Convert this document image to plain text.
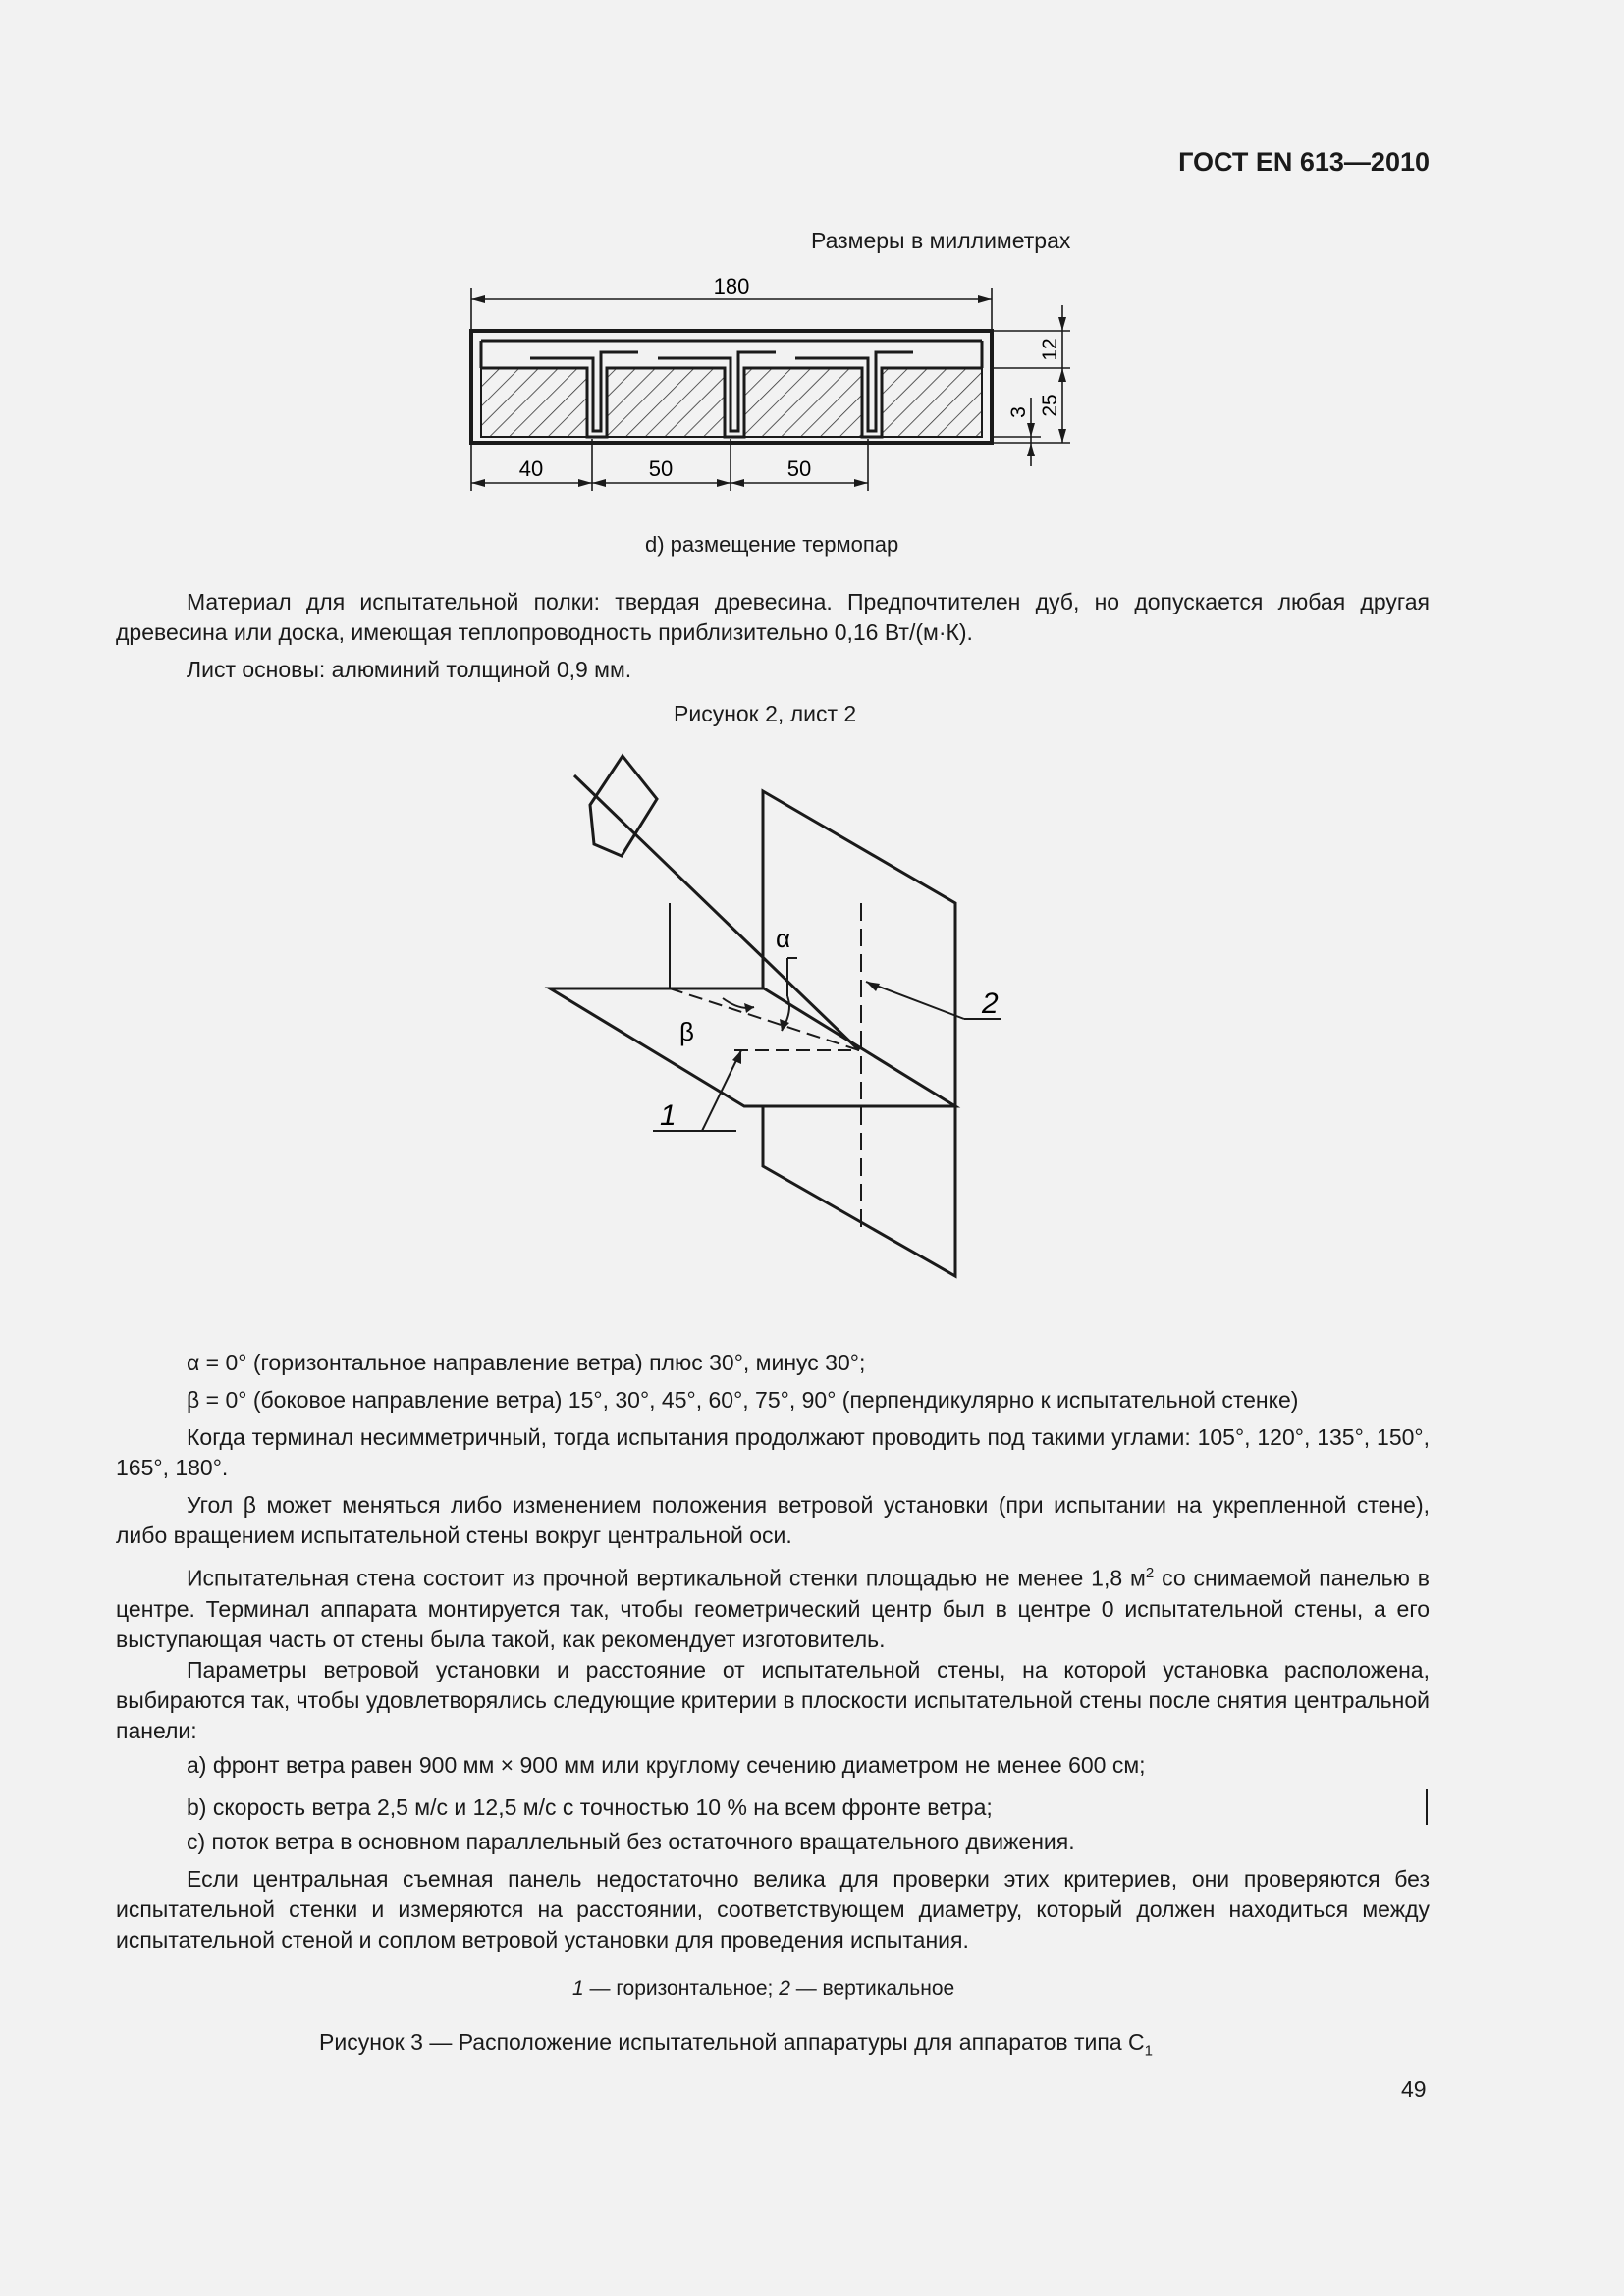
ГОСТ EN 613—2010
Размеры в миллиметрах
180
40	50	50
12
25
3
d) размещение термопар
Материал для испытательной полки: твердая древесина. Предпочтителен дуб, но допускается любая другая древесина или доска, имеющая теплопроводность приблизительно 0,16 Вт/(м·К).
Лист основы: алюминий толщиной 0,9 мм.
Рисунок 2, лист 2
α
β
1
2
α = 0° (горизонтальное направление ветра) плюс 30°, минус 30°;
β = 0° (боковое направление ветра) 15°, 30°, 45°, 60°, 75°, 90° (перпендикулярно к испытательной стенке)
Когда терминал несимметричный, тогда испытания продолжают проводить под такими углами: 105°, 120°, 135°, 150°, 165°, 180°.
Угол β может меняться либо изменением положения ветровой установки (при испытании на укрепленной стене), либо вращением испытательной стены вокруг центральной оси.
Испытательная стена состоит из прочной вертикальной стенки площадью не менее 1,8 $м^2$ со снимаемой панелью в центре. Терминал аппарата монтируется так, чтобы геометрический центр был в центре 0 испытательной стены, а его выступающая часть от стены была такой, как рекомендует изготовитель.
Параметры ветровой установки и расстояние от испытательной стены, на которой установка расположена, выбираются так, чтобы удовлетворялись следующие критерии в плоскости испытательной стены после снятия центральной панели:
a) фронт ветра равен 900 мм × 900 мм или круглому сечению диаметром не менее 600 см;
b) скорость ветра 2,5 м/с и 12,5 м/с с точностью 10 % на всем фронте ветра;
c) поток ветра в основном параллельный без остаточного вращательного движения.
Если центральная съемная панель недостаточно велика для проверки этих критериев, они проверяются без испытательной стенки и измеряются на расстоянии, соответствующем диаметру, который должен находиться между испытательной стеной и соплом ветровой установки для проведения испытания.
1 — горизонтальное; 2 — вертикальное
Рисунок 3 — Расположение испытательной аппаратуры для аппаратов типа $С_1$
49
